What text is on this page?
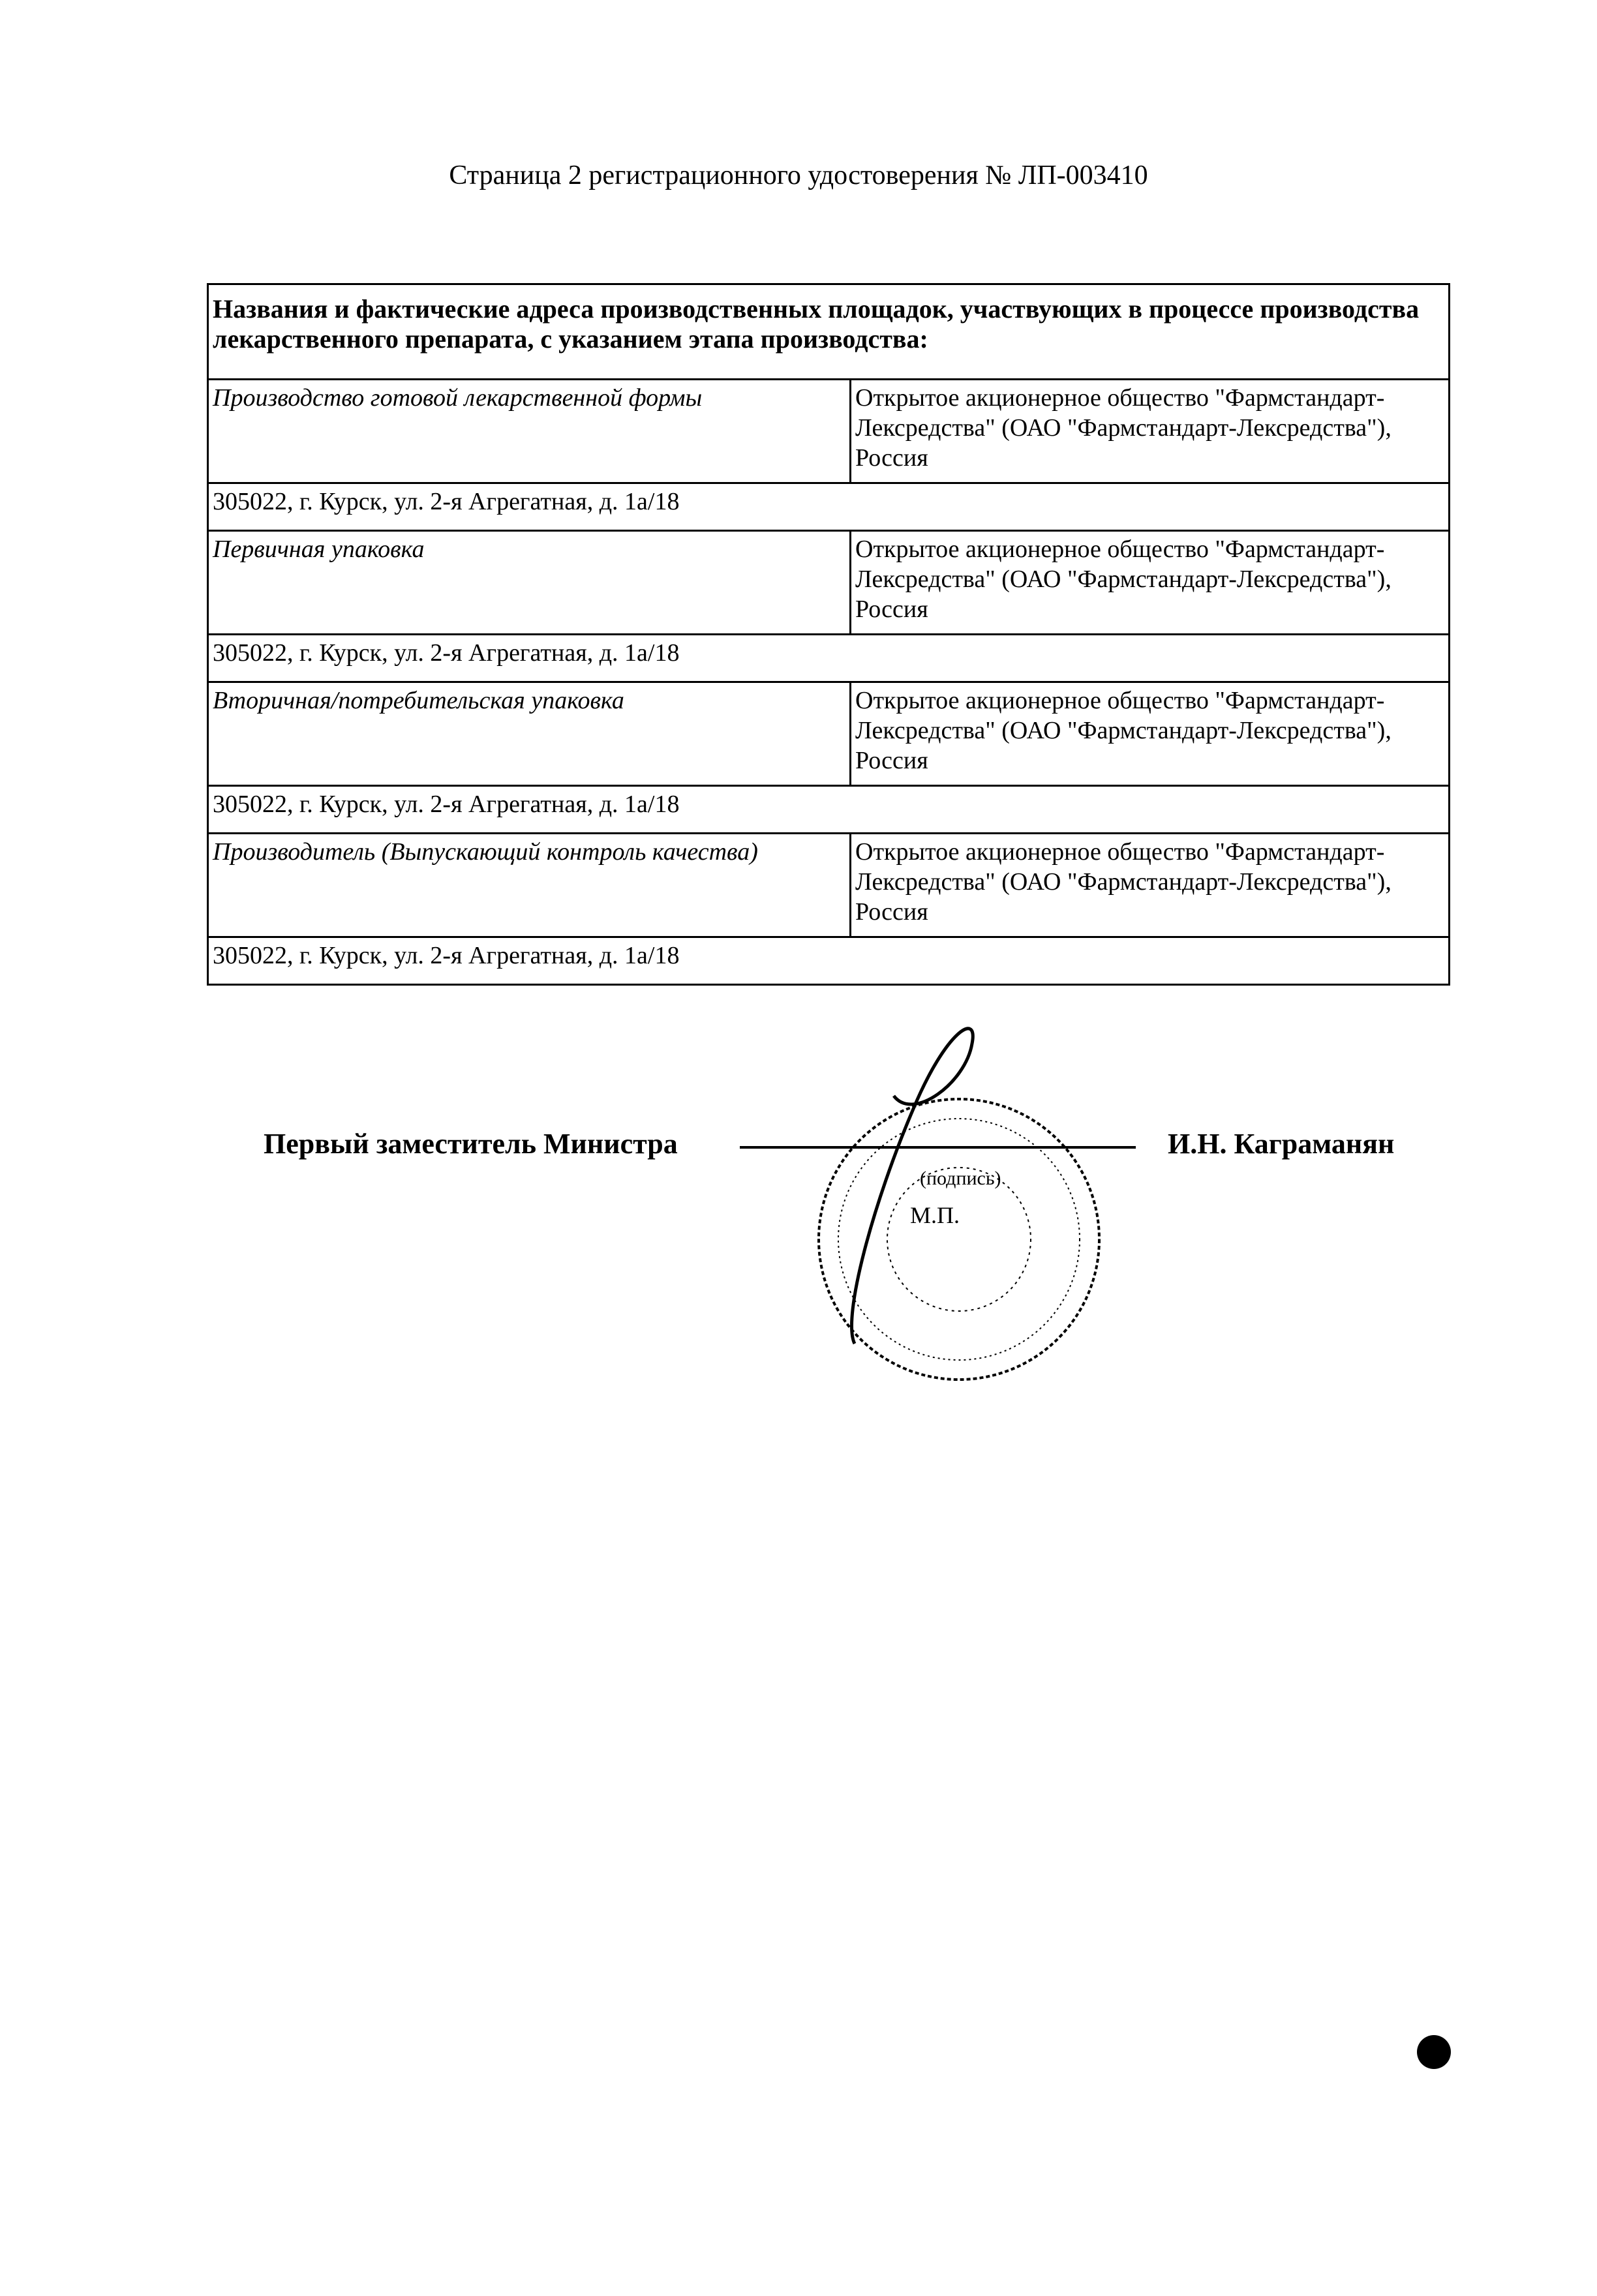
Страница 2 регистрационного удостоверения № ЛП-003410
Названия и фактические адреса производственных площадок, участвующих в процессе производства лекарственного препарата, с указанием этапа производства:	
Производство готовой лекарственной формы	Открытое акционерное общество "Фармстандарт-Лексредства" (ОАО "Фармстандарт-Лексредства"), Россия
305022, г. Курск, ул. 2-я Агрегатная, д. 1а/18	
Первичная упаковка	Открытое акционерное общество "Фармстандарт-Лексредства" (ОАО "Фармстандарт-Лексредства"), Россия
305022, г. Курск, ул. 2-я Агрегатная, д. 1а/18	
Вторичная/потребительская упаковка	Открытое акционерное общество "Фармстандарт-Лексредства" (ОАО "Фармстандарт-Лексредства"), Россия
305022, г. Курск, ул. 2-я Агрегатная, д. 1а/18	
Производитель (Выпускающий контроль качества)	Открытое акционерное общество "Фармстандарт-Лексредства" (ОАО "Фармстандарт-Лексредства"), Россия
305022, г. Курск, ул. 2-я Агрегатная, д. 1а/18	
Первый заместитель Министра	И.Н. Каграманян
(подпись)
М.П.
